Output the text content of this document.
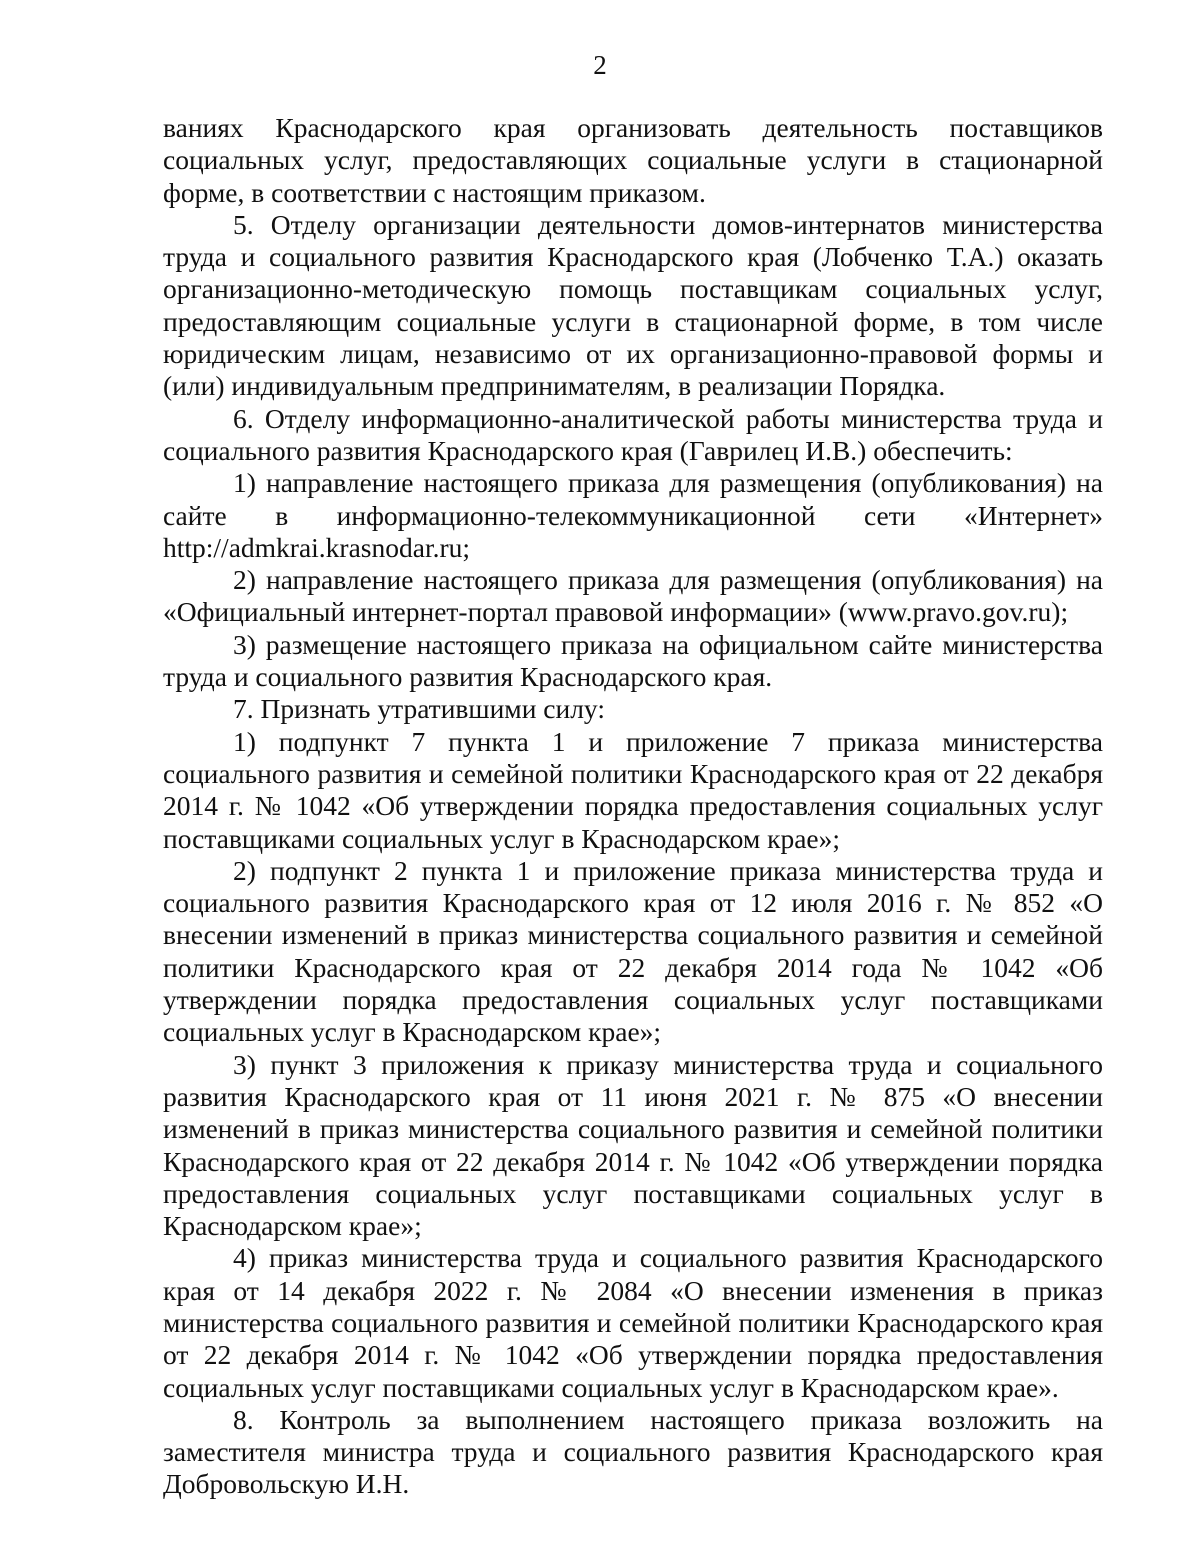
2

ваниях Краснодарского края организовать деятельность поставщиков социальных услуг, предоставляющих социальные услуги в стационарной форме, в соответствии с настоящим приказом.

5. Отделу организации деятельности домов-интернатов министерства труда и социального развития Краснодарского края (Лобченко Т.А.) оказать организационно-методическую помощь поставщикам социальных услуг, предоставляющим социальные услуги в стационарной форме, в том числе юридическим лицам, независимо от их организационно-правовой формы и (или) индивидуальным предпринимателям, в реализации Порядка.

6. Отделу информационно-аналитической работы министерства труда и социального развития Краснодарского края (Гаврилец И.В.) обеспечить:

1) направление настоящего приказа для размещения (опубликования) на сайте в информационно-телекоммуникационной сети «Интернет» http://admkrai.krasnodar.ru;

2) направление настоящего приказа для размещения (опубликования) на «Официальный интернет-портал правовой информации» (www.pravo.gov.ru);

3) размещение настоящего приказа на официальном сайте министерства труда и социального развития Краснодарского края.

7. Признать утратившими силу:

1) подпункт 7 пункта 1 и приложение 7 приказа министерства социального развития и семейной политики Краснодарского края от 22 декабря 2014 г. № 1042 «Об утверждении порядка предоставления социальных услуг поставщиками социальных услуг в Краснодарском крае»;

2) подпункт 2 пункта 1 и приложение приказа министерства труда и социального развития Краснодарского края от 12 июля 2016 г. № 852 «О внесении изменений в приказ министерства социального развития и семейной политики Краснодарского края от 22 декабря 2014 года № 1042 «Об утверждении порядка предоставления социальных услуг поставщиками социальных услуг в Краснодарском крае»;

3) пункт 3 приложения к приказу министерства труда и социального развития Краснодарского края от 11 июня 2021 г. № 875 «О внесении изменений в приказ министерства социального развития и семейной политики Краснодарского края от 22 декабря 2014 г. № 1042 «Об утверждении порядка предоставления социальных услуг поставщиками социальных услуг в Краснодарском крае»;

4) приказ министерства труда и социального развития Краснодарского края от 14 декабря 2022 г. № 2084 «О внесении изменения в приказ министерства социального развития и семейной политики Краснодарского края от 22 декабря 2014 г. № 1042 «Об утверждении порядка предоставления социальных услуг поставщиками социальных услуг в Краснодарском крае».

8. Контроль за выполнением настоящего приказа возложить на заместителя министра труда и социального развития Краснодарского края Добровольскую И.Н.
